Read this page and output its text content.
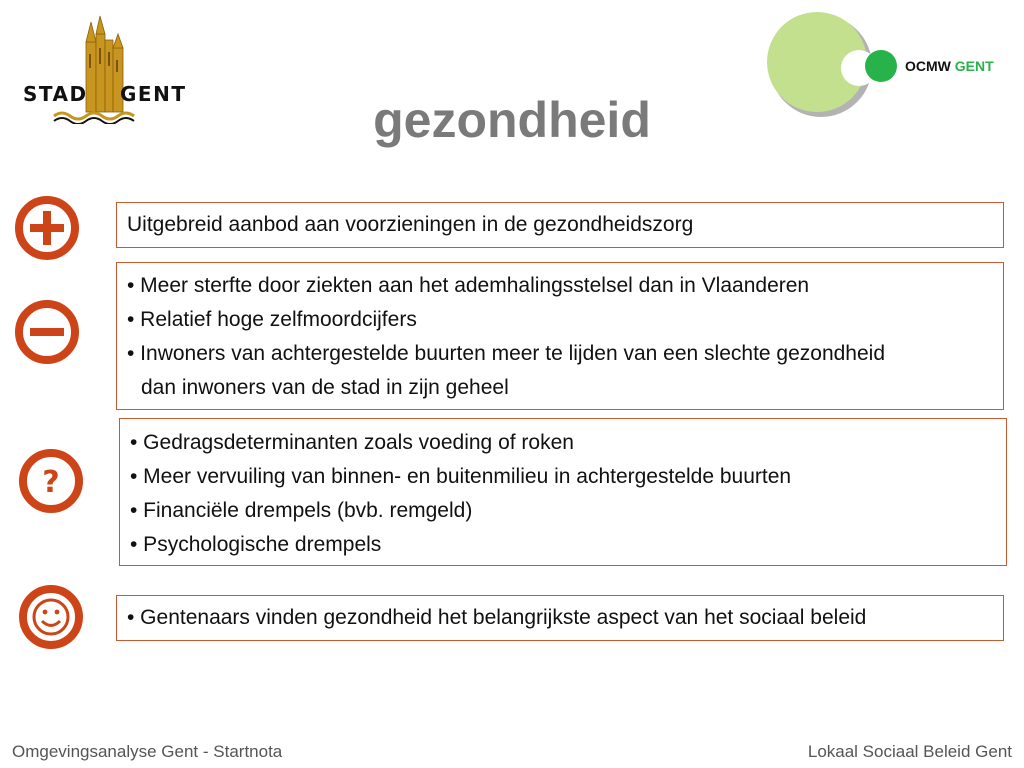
STAD GENT
OCMW GENT
gezondheid
?
Uitgebreid aanbod aan voorzieningen in de gezondheidszorg
• Meer sterfte door ziekten aan het ademhalingsstelsel dan in Vlaanderen
• Relatief hoge zelfmoordcijfers
• Inwoners van achtergestelde buurten meer te lijden van een slechte gezondheid
dan inwoners van de stad in zijn geheel
• Gedragsdeterminanten zoals voeding of roken
• Meer vervuiling van binnen- en buitenmilieu in achtergestelde buurten
• Financiële drempels (bvb. remgeld)
• Psychologische drempels
• Gentenaars vinden gezondheid het belangrijkste aspect van het sociaal beleid
Omgevingsanalyse Gent - Startnota	Lokaal Sociaal Beleid Gent
